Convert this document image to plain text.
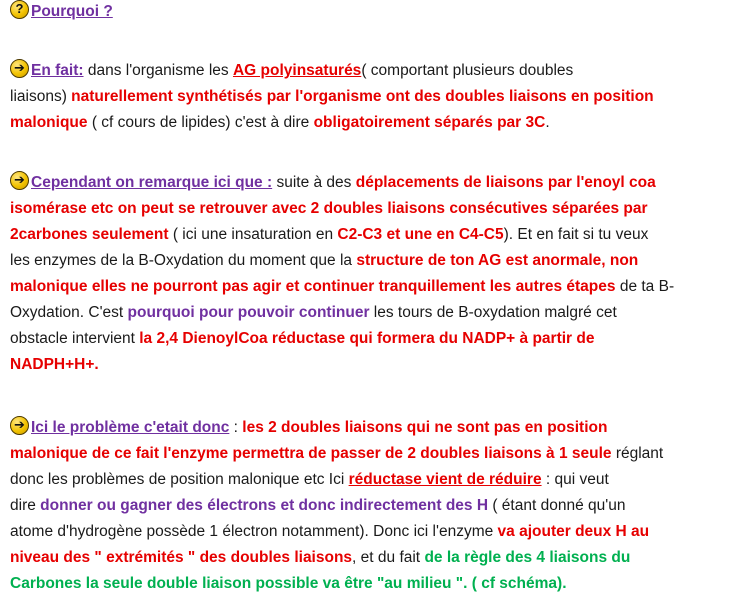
? Pourquoi ?
➔ En fait: dans l'organisme les AG polyinsaturés( comportant plusieurs doubles
liaisons) naturellement synthétisés par l'organisme ont des doubles liaisons en position
malonique ( cf cours de lipides) c'est à dire obligatoirement séparés par 3C.
➔ Cependant on remarque ici que : suite à des déplacements de liaisons par l'enoyl coa
isomérase etc on peut se retrouver avec 2 doubles liaisons consécutives séparées par
2carbones seulement ( ici une insaturation en C2-C3 et une en C4-C5). Et en fait si tu veux
les enzymes de la B-Oxydation du moment que la structure de ton AG est anormale, non
malonique elles ne pourront pas agir et continuer tranquillement les autres étapes de ta B-
Oxydation. C'est pourquoi pour pouvoir continuer les tours de B-oxydation malgré cet
obstacle intervient la 2,4 DienoylCoa réductase qui formera du NADP+ à partir de
NADPH+H+.
➔ Ici le problème c'etait donc : les 2 doubles liaisons qui ne sont pas en position
malonique de ce fait l'enzyme permettra de passer de 2 doubles liaisons à 1 seule réglant
donc les problèmes de position malonique etc Ici réductase vient de réduire : qui veut
dire donner ou gagner des électrons et donc indirectement des H ( étant donné qu'un
atome d'hydrogène possède 1 électron notamment). Donc ici l'enzyme va ajouter deux H au
niveau des " extrémités " des doubles liaisons, et du fait de la règle des 4 liaisons du
Carbones la seule double liaison possible va être "au milieu ". ( cf schéma).
